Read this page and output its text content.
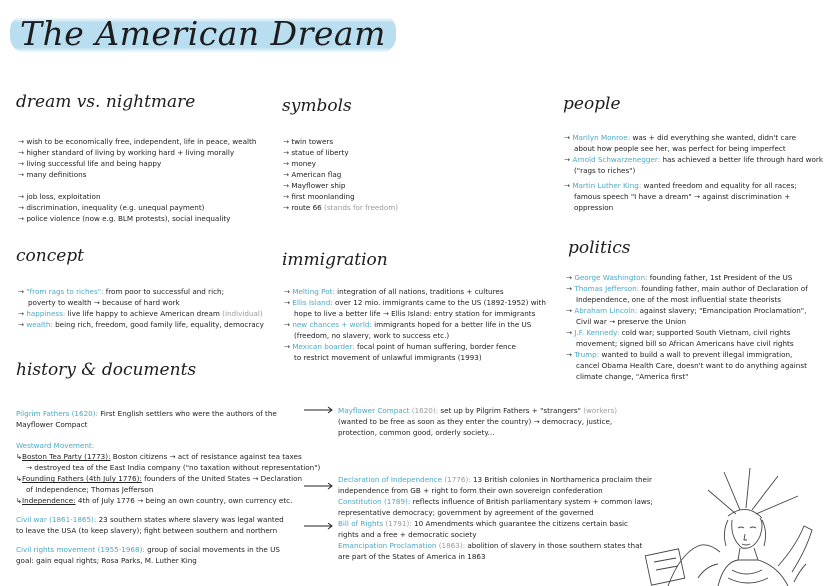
The American Dream
dream vs. nightmare
→ wish to be economically free, independent, life in peace, wealth
→ higher standard of living by working hard + living morally
→ living successful life and being happy
→ many definitions
→ job loss, exploitation
→ discrimination, inequality (e.g. unequal payment)
→ police violence (now e.g. BLM protests), social inequality
symbols
→ twin towers
→ statue of liberty
→ money
→ American flag
→ Mayflower ship
→ first moonlanding
→ route 66 (stands for freedom)
people
→ Marilyn Monroe: was + did everything she wanted, didn't care
about how people see her, was perfect for being imperfect
→ Arnold Schwarzenegger: has achieved a better life through hard work
("rags to riches")
→ Martin Luther King: wanted freedom and equality for all races;
famous speech "I have a dream" → against discrimination + oppression
concept
→ "from rags to riches": from poor to successful and rich;
poverty to wealth → because of hard work
→ happiness: live life happy to achieve American dream (individual)
→ wealth: being rich, freedom, good family life, equality, democracy
immigration
→ Melting Pot: integration of all nations, traditions + cultures
→ Ellis Island: over 12 mio. immigrants came to the US (1892-1952) with
hope to live a better life → Ellis Island: entry station for immigrants
→ new chances + world: immigrants hoped for a better life in the US
(freedom, no slavery, work to success etc.)
→ Mexican boarder: focal point of human suffering, border fence
to restrict movement of unlawful immigrants (1993)
politics
→ George Washington: founding father, 1st President of the US
→ Thomas Jefferson: founding father, main author of Declaration of
Independence, one of the most influential state theorists
→ Abraham Lincoln: against slavery; "Emancipation Proclamation",
Civil war → preserve the Union
→ J.F. Kennedy: cold war; supported South Vietnam, civil rights
movement; signed bill so African Americans have civil rights
→ Trump: wanted to build a wall to prevent illegal immigration,
cancel Obama Health Care, doesn't want to do anything against
climate change, "America first"
history & documents
Pilgrim Fathers (1620): First English settlers who were the authors of the
Mayflower Compact
Westward Movement:
↳Boston Tea Party (1773): Boston citizens → act of resistance against tea taxes
→ destroyed tea of the East India company ("no taxation without representation")
↳Founding Fathers (4th July 1776): founders of the United States → Declaration
of Independence; Thomas Jefferson
↳Independence: 4th of July 1776 → being an own country, own currency etc.
Civil war (1861-1865): 23 southern states where slavery was legal wanted
to leave the USA (to keep slavery); fight between southern and northern
Civil rights movement (1955-1968): group of social movements in the US
goal: gain equal rights; Rosa Parks, M. Luther King
Mayflower Compact (1620): set up by Pilgrim Fathers + "strangers" (workers)
(wanted to be free as soon as they enter the country) → democracy, justice,
protection, common good, orderly society...
Declaration of Independence (1776): 13 British colonies in Northamerica proclaim their
independence from GB + right to form their own sovereign confederation
Constitution (1789): reflects influence of British parliamentary system + common laws;
representative democracy; government by agreement of the governed
Bill of Rights (1791): 10 Amendments which guarantee the citizens certain basic
rights and a free + democratic society
Emancipation Proclamation (1863): abolition of slavery in those southern states that
are part of the States of America in 1863
